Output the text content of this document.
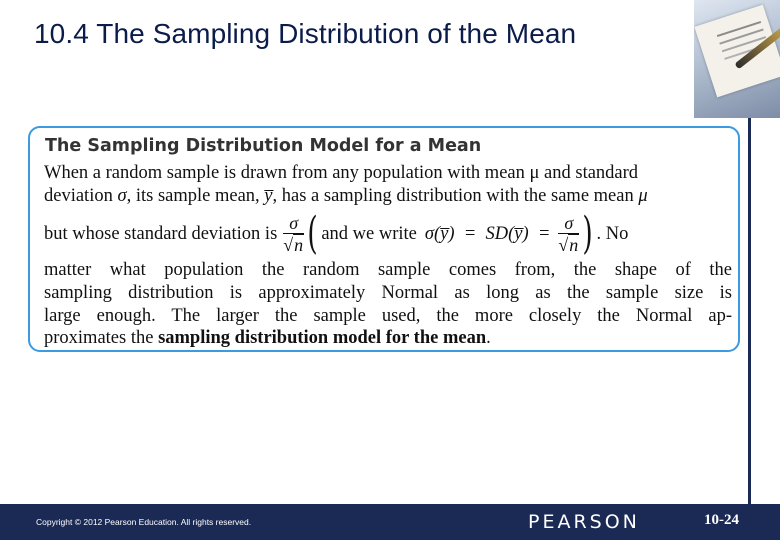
10.4 The Sampling Distribution of the Mean
The Sampling Distribution Model for a Mean
When a random sample is drawn from any population with mean μ and standard
deviation σ, its sample mean, y̅, has a sampling distribution with the same mean μ
but whose standard deviation is $\frac{\sigma}{√n}$ ( and we write σ(y̅)  =  SD(y̅)  = $\frac{\sigma}{√n}$ ) . No
matter what population the random sample comes from, the shape of the
sampling distribution is approximately Normal as long as the sample size is
large enough. The larger the sample used, the more closely the Normal ap-
proximates the sampling distribution model for the mean.
Copyright © 2012 Pearson Education. All rights reserved.	PEARSON	10-24
